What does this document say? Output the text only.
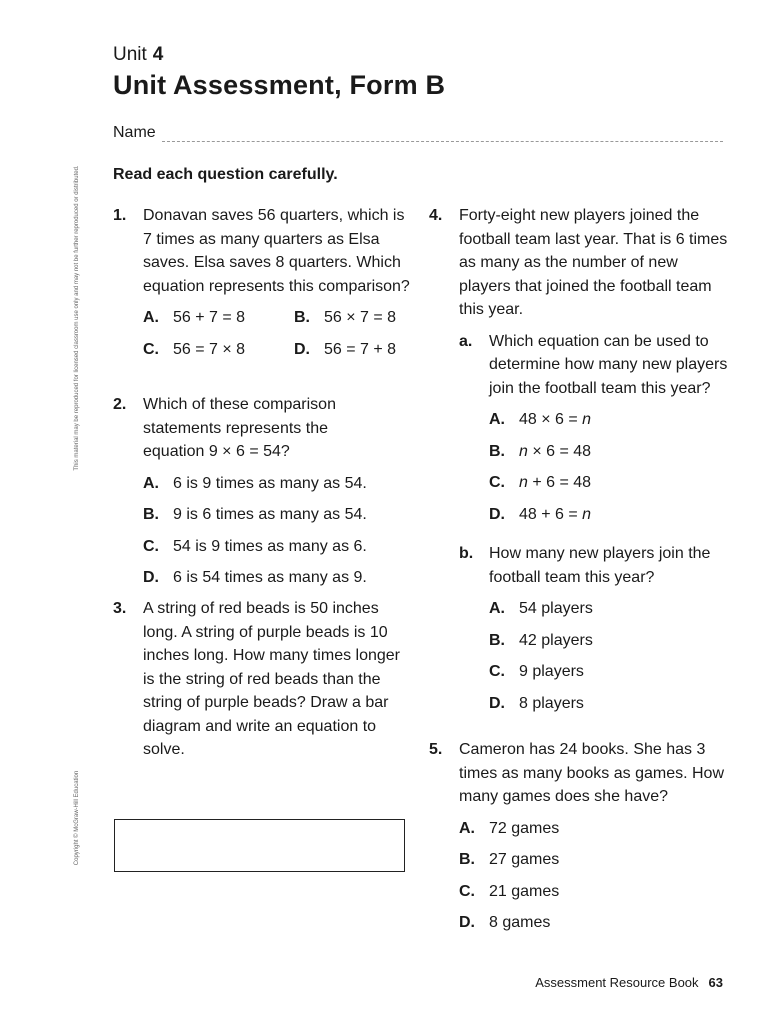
This material may be reproduced for licensed classroom use only and may not be further reproduced or distributed.
Copyright © McGraw-Hill Education
Unit 4
Unit Assessment, Form B
Name
Read each question carefully.
1. Donavan saves 56 quarters, which is 7 times as many quarters as Elsa saves. Elsa saves 8 quarters. Which equation represents this comparison?
A. 56 + 7 = 8	B. 56 × 7 = 8
C. 56 = 7 × 8	D. 56 = 7 + 8
2. Which of these comparison statements represents the equation 9 × 6 = 54?
A. 6 is 9 times as many as 54.
B. 9 is 6 times as many as 54.
C. 54 is 9 times as many as 6.
D. 6 is 54 times as many as 9.
3. A string of red beads is 50 inches long. A string of purple beads is 10 inches long. How many times longer is the string of red beads than the string of purple beads? Draw a bar diagram and write an equation to solve.
4. Forty-eight new players joined the football team last year. That is 6 times as many as the number of new players that joined the football team this year.
a. Which equation can be used to determine how many new players join the football team this year?
A. 48 × 6 = n
B. n × 6 = 48
C. n + 6 = 48
D. 48 + 6 = n
b. How many new players join the football team this year?
A. 54 players
B. 42 players
C. 9 players
D. 8 players
5. Cameron has 24 books. She has 3 times as many books as games. How many games does she have?
A. 72 games
B. 27 games
C. 21 games
D. 8 games
Assessment Resource Book 63
